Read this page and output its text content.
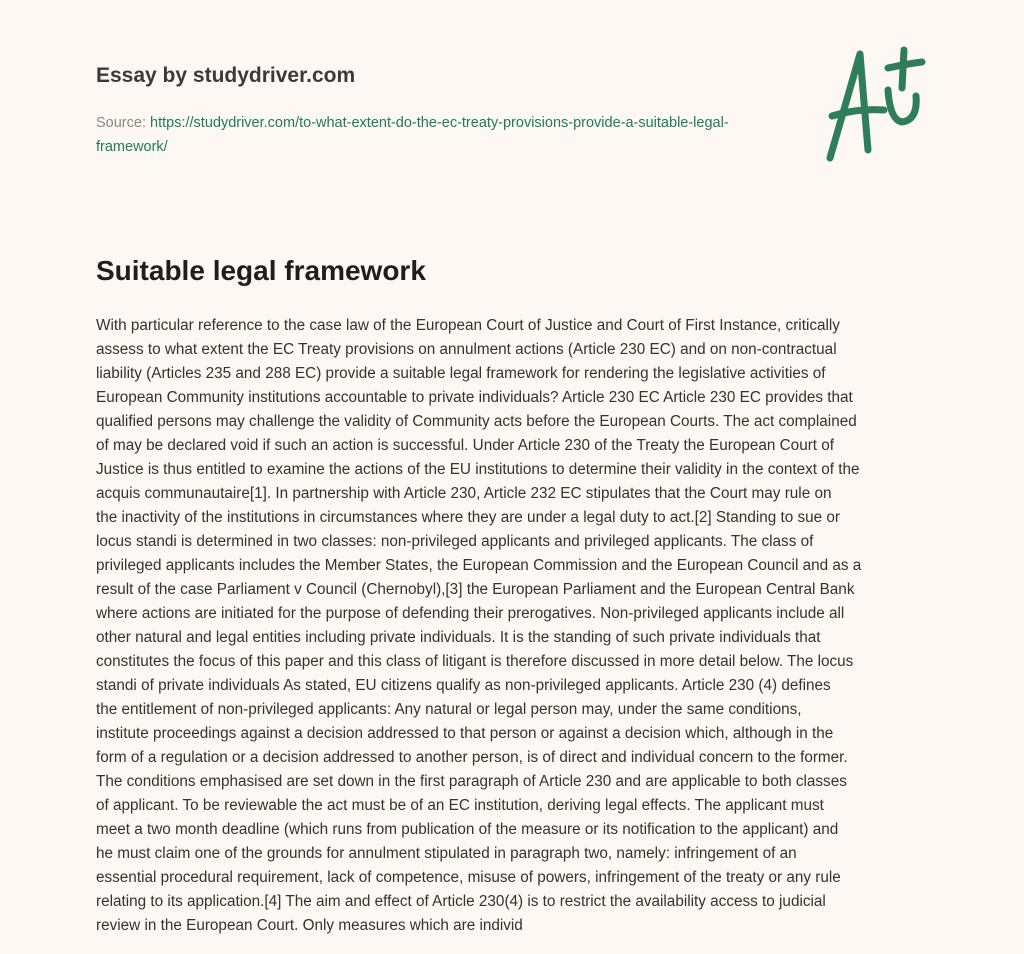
Essay by studydriver.com
Source: https://studydriver.com/to-what-extent-do-the-ec-treaty-provisions-provide-a-suitable-legal-framework/
Suitable legal framework
With particular reference to the case law of the European Court of Justice and Court of First Instance, critically
assess to what extent the EC Treaty provisions on annulment actions (Article 230 EC) and on non-contractual
liability (Articles 235 and 288 EC) provide a suitable legal framework for rendering the legislative activities of
European Community institutions accountable to private individuals? Article 230 EC Article 230 EC provides that
qualified persons may challenge the validity of Community acts before the European Courts. The act complained
of may be declared void if such an action is successful. Under Article 230 of the Treaty the European Court of
Justice is thus entitled to examine the actions of the EU institutions to determine their validity in the context of the
acquis communautaire[1]. In partnership with Article 230, Article 232 EC stipulates that the Court may rule on
the inactivity of the institutions in circumstances where they are under a legal duty to act.[2] Standing to sue or
locus standi is determined in two classes: non-privileged applicants and privileged applicants. The class of
privileged applicants includes the Member States, the European Commission and the European Council and as a
result of the case Parliament v Council (Chernobyl),[3] the European Parliament and the European Central Bank
where actions are initiated for the purpose of defending their prerogatives. Non-privileged applicants include all
other natural and legal entities including private individuals. It is the standing of such private individuals that
constitutes the focus of this paper and this class of litigant is therefore discussed in more detail below. The locus
standi of private individuals As stated, EU citizens qualify as non-privileged applicants. Article 230 (4) defines
the entitlement of non-privileged applicants: Any natural or legal person may, under the same conditions,
institute proceedings against a decision addressed to that person or against a decision which, although in the
form of a regulation or a decision addressed to another person, is of direct and individual concern to the former.
The conditions emphasised are set down in the first paragraph of Article 230 and are applicable to both classes
of applicant. To be reviewable the act must be of an EC institution, deriving legal effects. The applicant must
meet a two month deadline (which runs from publication of the measure or its notification to the applicant) and
he must claim one of the grounds for annulment stipulated in paragraph two, namely: infringement of an
essential procedural requirement, lack of competence, misuse of powers, infringement of the treaty or any rule
relating to its application.[4] The aim and effect of Article 230(4) is to restrict the availability access to judicial
review in the European Court. Only measures which are individ
